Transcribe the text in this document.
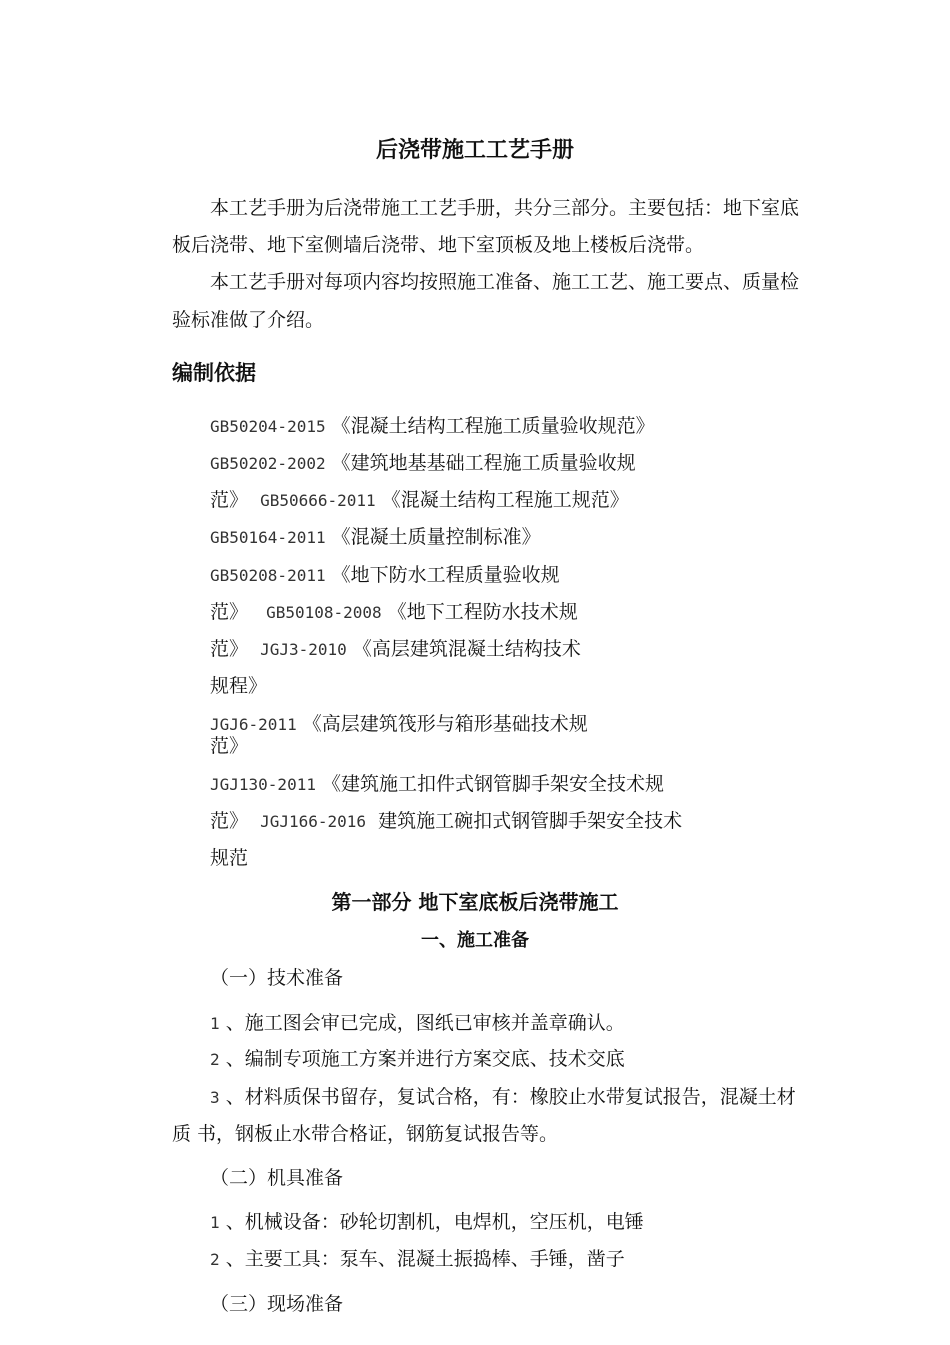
后浇带施工工艺手册
本工艺手册为后浇带施工工艺手册，共分三部分。主要包括：地下室底
板后浇带、地下室侧墙后浇带、地下室顶板及地上楼板后浇带。
本工艺手册对每项内容均按照施工准备、施工工艺、施工要点、质量检
验标准做了介绍。
编制依据
GB50204-2015 《混凝土结构工程施工质量验收规范》
GB50202-2002 《建筑地基基础工程施工质量验收规
范》 GB50666-2011 《混凝土结构工程施工规范》
GB50164-2011 《混凝土质量控制标准》
GB50208-2011 《地下防水工程质量验收规
范》 GB50108-2008 《地下工程防水技术规
范》 JGJ3-2010 《高层建筑混凝土结构技术
规程》
JGJ6-2011 《高层建筑筏形与箱形基础技术规
范》
JGJ130-2011 《建筑施工扣件式钢管脚手架安全技术规
范》 JGJ166-2016 建筑施工碗扣式钢管脚手架安全技术
规范
第一部分 地下室底板后浇带施工
一、施工准备
（一）技术准备
1 、施工图会审已完成，图纸已审核并盖章确认。
2 、编制专项施工方案并进行方案交底、技术交底
3 、材料质保书留存，复试合格，有：橡胶止水带复试报告，混凝土材
质 书，钢板止水带合格证，钢筋复试报告等。
（二）机具准备
1 、机械设备：砂轮切割机，电焊机，空压机，电锤
2 、主要工具：泵车、混凝土振捣棒、手锤，凿子
（三）现场准备
